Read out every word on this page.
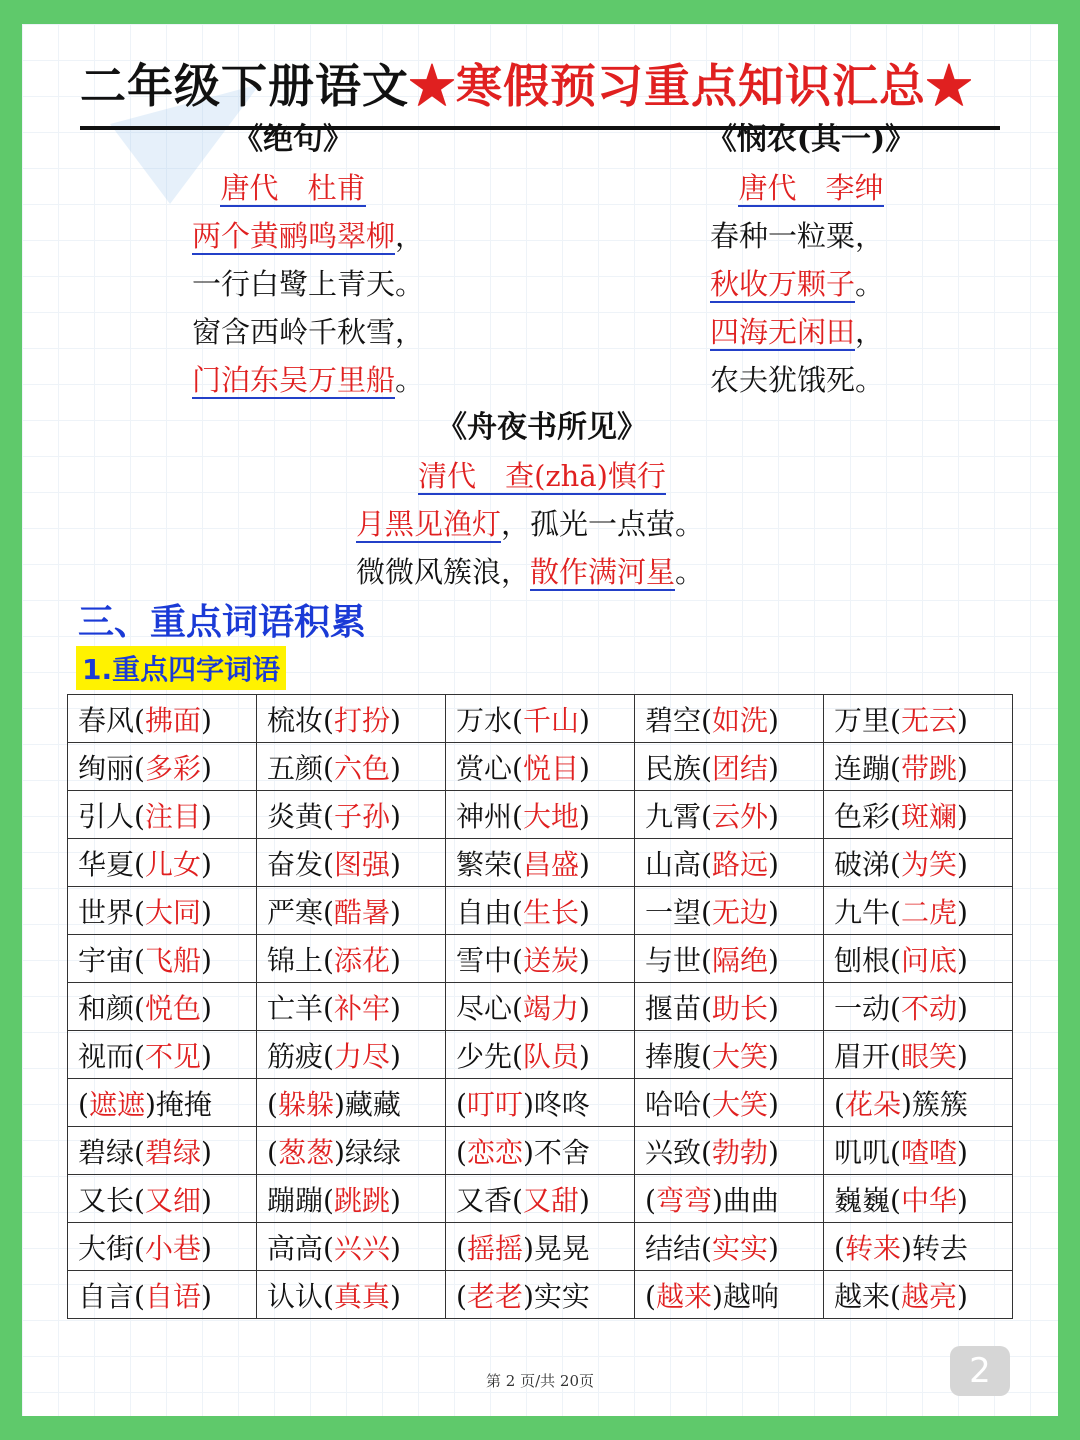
二年级下册语文★寒假预习重点知识汇总★
《绝句》
唐代　杜甫
两个黄鹂鸣翠柳，
一行白鹭上青天。
窗含西岭千秋雪，
门泊东吴万里船。
《悯农(其一)》
唐代　李绅
春种一粒粟，
秋收万颗子。
四海无闲田，
农夫犹饿死。
《舟夜书所见》
清代　查(zhā)慎行
月黑见渔灯，孤光一点萤。
微微风簇浪，散作满河星。
三、重点词语积累
1.重点四字词语
春风(拂面)	梳妆(打扮)	万水(千山)	碧空(如洗)	万里(无云)
绚丽(多彩)	五颜(六色)	赏心(悦目)	民族(团结)	连蹦(带跳)
引人(注目)	炎黄(子孙)	神州(大地)	九霄(云外)	色彩(斑斓)
华夏(儿女)	奋发(图强)	繁荣(昌盛)	山高(路远)	破涕(为笑)
世界(大同)	严寒(酷暑)	自由(生长)	一望(无边)	九牛(二虎)
宇宙(飞船)	锦上(添花)	雪中(送炭)	与世(隔绝)	刨根(问底)
和颜(悦色)	亡羊(补牢)	尽心(竭力)	揠苗(助长)	一动(不动)
视而(不见)	筋疲(力尽)	少先(队员)	捧腹(大笑)	眉开(眼笑)
(遮遮)掩掩	(躲躲)藏藏	(叮叮)咚咚	哈哈(大笑)	(花朵)簇簇
碧绿(碧绿)	(葱葱)绿绿	(恋恋)不舍	兴致(勃勃)	叽叽(喳喳)
又长(又细)	蹦蹦(跳跳)	又香(又甜)	(弯弯)曲曲	巍巍(中华)
大街(小巷)	高高(兴兴)	(摇摇)晃晃	结结(实实)	(转来)转去
自言(自语)	认认(真真)	(老老)实实	(越来)越响	越来(越亮)
第 2 页/共 20页	2
